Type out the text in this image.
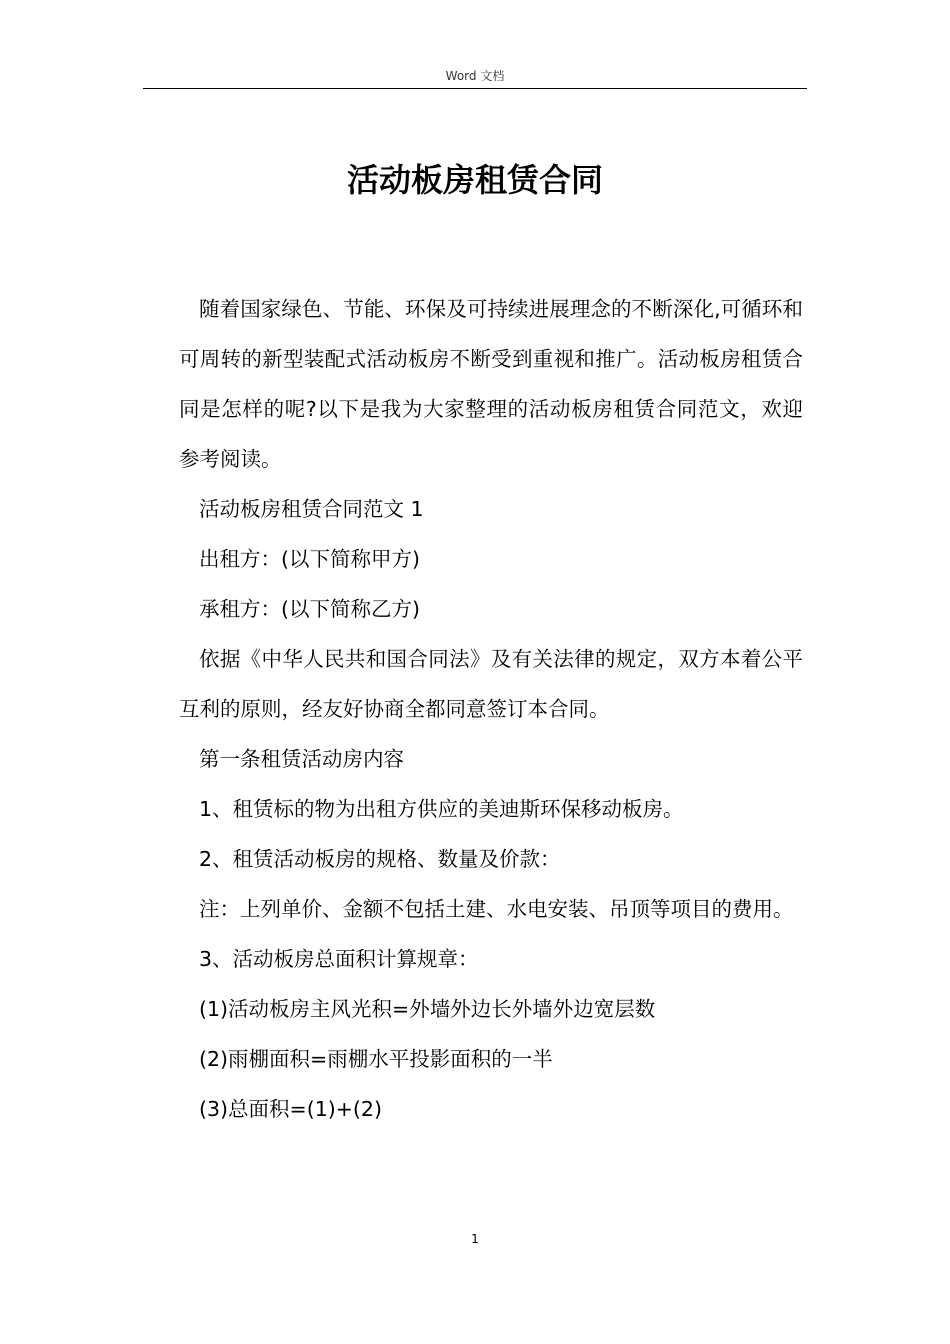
Word 文档
活动板房租赁合同

随着国家绿色、节能、环保及可持续进展理念的不断深化,可循环和可周转的新型装配式活动板房不断受到重视和推广。活动板房租赁合同是怎样的呢?以下是我为大家整理的活动板房租赁合同范文，欢迎参考阅读。

活动板房租赁合同范文 1

出租方：(以下简称甲方)

承租方：(以下简称乙方)

依据《中华人民共和国合同法》及有关法律的规定，双方本着公平互利的原则，经友好协商全都同意签订本合同。

第一条租赁活动房内容

1、租赁标的物为出租方供应的美迪斯环保移动板房。

2、租赁活动板房的规格、数量及价款：

注：上列单价、金额不包括土建、水电安装、吊顶等项目的费用。

3、活动板房总面积计算规章：

(1)活动板房主风光积=外墙外边长外墙外边宽层数

(2)雨棚面积=雨棚水平投影面积的一半

(3)总面积=(1)+(2)

1
